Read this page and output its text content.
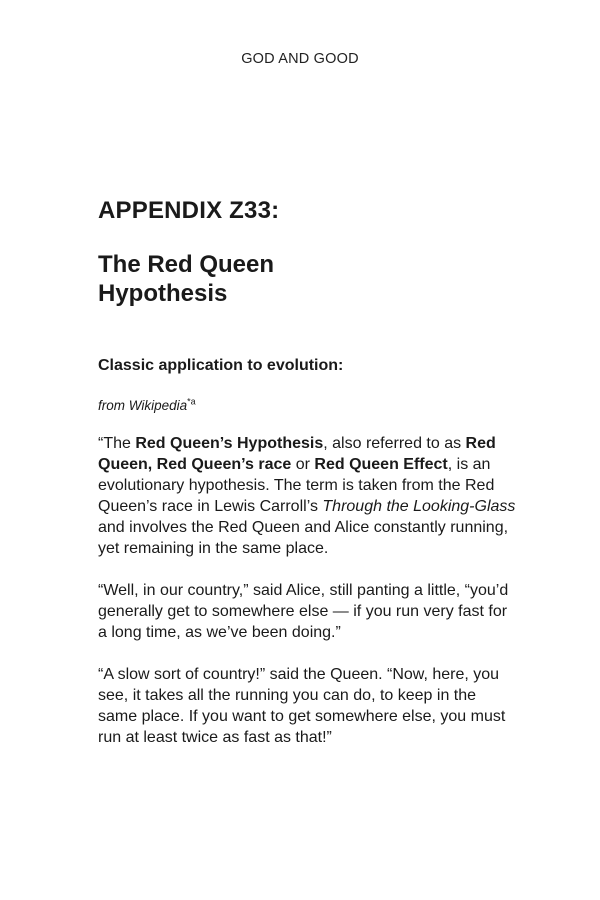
GOD AND GOOD
APPENDIX Z33:
The Red Queen Hypothesis
Classic application to evolution:

from Wikipedia$^{*a}$

“The Red Queen’s Hypothesis, also referred to as Red Queen, Red Queen’s race or Red Queen Effect, is an evolutionary hypothesis. The term is taken from the Red Queen’s race in Lewis Carroll’s Through the Looking-Glass and involves the Red Queen and Alice constantly running, yet remaining in the same place.

“Well, in our country,” said Alice, still panting a little, “you’d generally get to somewhere else — if you run very fast for a long time, as we’ve been doing.”

“A slow sort of country!” said the Queen. “Now, here, you see, it takes all the running you can do, to keep in the same place. If you want to get somewhere else, you must run at least twice as fast as that!”
